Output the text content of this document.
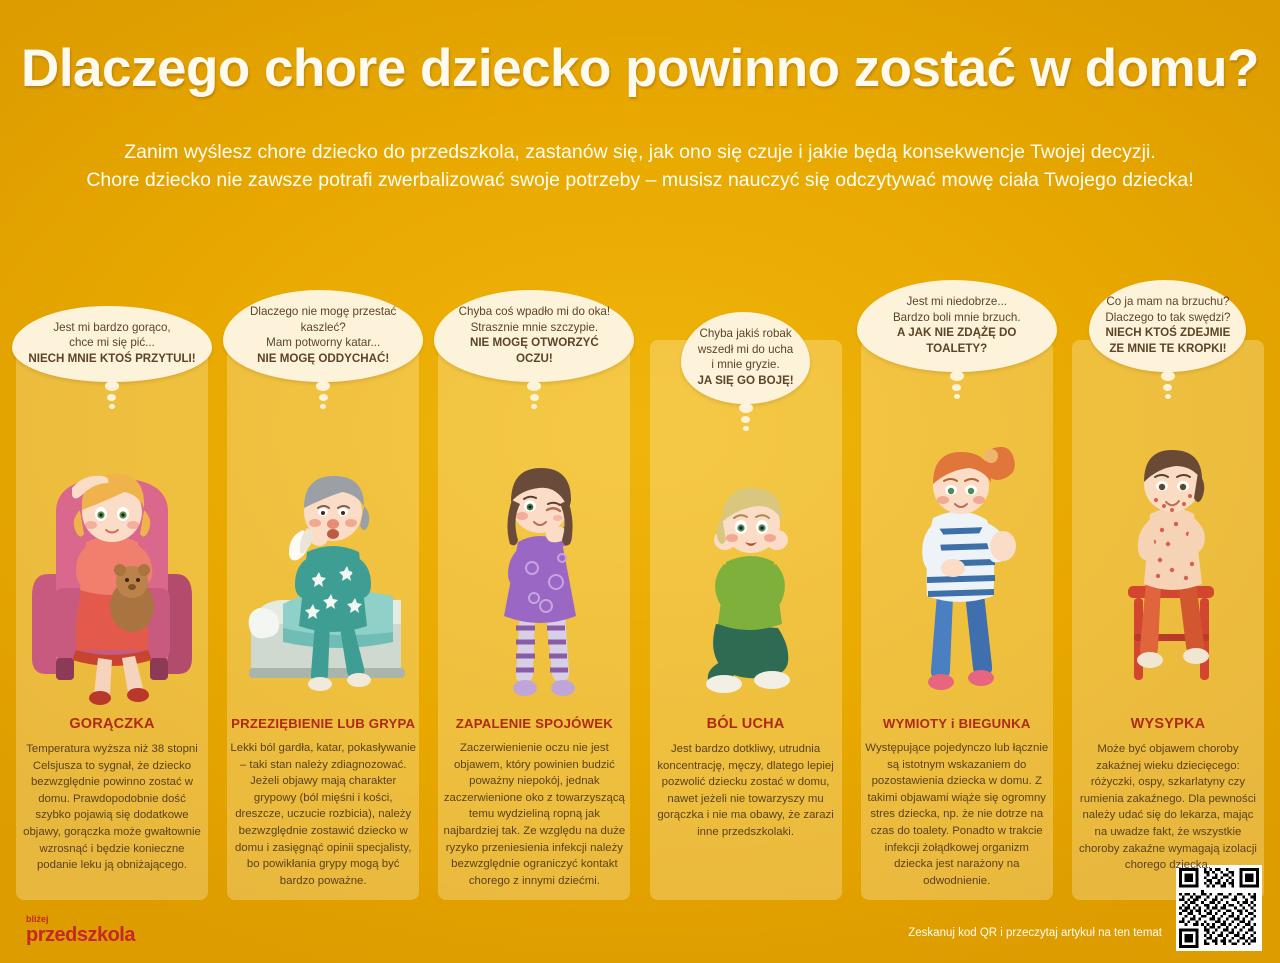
Dlaczego chore dziecko powinno zostać w domu?
Zanim wyślesz chore dziecko do przedszkola, zastanów się, jak ono się czuje i jakie będą konsekwencje Twojej decyzji.
Chore dziecko nie zawsze potrafi zwerbalizować swoje potrzeby – musisz nauczyć się odczytywać mowę ciała Twojego dziecka!
Jest mi bardzo gorąco,
chce mi się pić...
NIECH MNIE KTOŚ PRZYTULI!
GORĄCZKA
Temperatura wyższa niż 38 stopni Celsjusza to sygnał, że dziecko bezwzględnie powinno zostać w domu. Prawdopodobnie dość szybko pojawią się dodatkowe objawy, gorączka może gwałtownie wzrosnąć i będzie konieczne podanie leku ją obniżającego.
Dlaczego nie mogę przestać kaszleć?
Mam potworny katar...
NIE MOGĘ ODDYCHAĆ!
PRZEZIĘBIENIE LUB GRYPA
Lekki ból gardła, katar, pokasływanie – taki stan należy zdiagnozować. Jeżeli objawy mają charakter grypowy (ból mięśni i kości, dreszcze, uczucie rozbicia), należy bezwzględnie zostawić dziecko w domu i zasięgnąć opinii specjalisty, bo powikłania grypy mogą być bardzo poważne.
Chyba coś wpadło mi do oka!
Strasznie mnie szczypie.
NIE MOGĘ OTWORZYĆ OCZU!
ZAPALENIE SPOJÓWEK
Zaczerwienienie oczu nie jest objawem, który powinien budzić poważny niepokój, jednak zaczerwienione oko z towarzyszącą temu wydzieliną ropną jak najbardziej tak. Ze względu na duże ryzyko przeniesienia infekcji należy bezwzględnie ograniczyć kontakt chorego z innymi dziećmi.
Chyba jakiś robak
wszedł mi do ucha
i mnie gryzie.
JA SIĘ GO BOJĘ!
BÓL UCHA
Jest bardzo dotkliwy, utrudnia koncentrację, męczy, dlatego lepiej pozwolić dziecku zostać w domu, nawet jeżeli nie towarzyszy mu gorączka i nie ma obawy, że zarazi inne przedszkolaki.
Jest mi niedobrze...
Bardzo boli mnie brzuch.
A JAK NIE ZDĄŻĘ DO TOALETY?
WYMIOTY i BIEGUNKA
Występujące pojedynczo lub łącznie są istotnym wskazaniem do pozostawienia dziecka w domu. Z takimi objawami wiąże się ogromny stres dziecka, np. że nie dotrze na czas do toalety. Ponadto w trakcie infekcji żołądkowej organizm dziecka jest narażony na odwodnienie.
Co ja mam na brzuchu?
Dlaczego to tak swędzi?
NIECH KTOŚ ZDEJMIE
ZE MNIE TE KROPKI!
WYSYPKA
Może być objawem choroby zakaźnej wieku dziecięcego: różyczki, ospy, szkarlatyny czy rumienia zakaźnego. Dla pewności należy udać się do lekarza, mając na uwadze fakt, że wszystkie choroby zakaźne wymagają izolacji chorego dziecka.
bliżej
przedszkola	Zeskanuj kod QR i przeczytaj artykuł na ten temat
